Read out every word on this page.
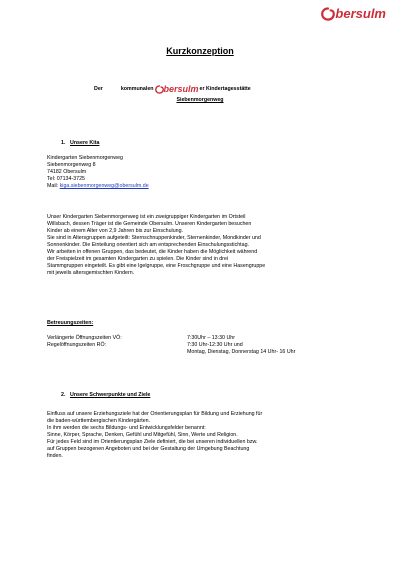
bersulm
Kurzkonzeption
Der	kommunalen bersulm er Kindertagesstätte
Siebenmorgenweg
1. Unsere Kita
Kindergarten Siebenmorgenweg
Siebenmorgenweg 8
74182 Obersulm
Tel: 07134-3725
Mail: kiga.siebenmorgenweg@obersulm.de
Unser Kindergarten Siebenmorgenweg ist ein zweigruppiger Kindergarten im Ortsteil
Willsbach, dessen Träger ist die Gemeinde Obersulm. Unseren Kindergarten besuchen
Kinder ab einem Alter von 2,9 Jahren bis zur Einschulung.
Sie sind in Altersgruppen aufgeteilt: Sternschnuppenkinder, Sternenkinder, Mondkinder und
Sonnenkinder. Die Einteilung orientiert sich am entsprechenden Einschulungsstichtag.
Wir arbeiten in offenen Gruppen, das bedeutet, die Kinder haben die Möglichkeit während
der Freispielzeit im gesamten Kindergarten zu spielen. Die Kinder sind in drei
Stammgruppen eingeteilt. Es gibt eine Igelgruppe, eine Froschgruppe und eine Hasengruppe
mit jeweils altersgemischten Kindern.
Betreuungszeiten:
Verlängerte Öffnungszeiten VÖ:	7:30Uhr – 13:30 Uhr
Regelöffnungszeiten RÖ:	7:30 Uhr-12:30 Uhr und
Montag, Dienstag, Donnerstag 14 Uhr- 16 Uhr
2. Unsere Schwerpunkte und Ziele
Einfluss auf unsere Erziehungsziele hat der Orientierungsplan für Bildung und Erziehung für
die baden-württembergischen Kindergärten.
In ihm werden die sechs Bildungs- und Entwicklungsfelder benannt:
Sinne, Körper, Sprache, Denken, Gefühl und Mitgefühl, Sinn, Werte und Religion.
Für jedes Feld sind im Orientierungsplan Ziele definiert, die bei unseren individuellen bzw.
auf Gruppen bezogenen Angeboten und bei der Gestaltung der Umgebung Beachtung
finden.
